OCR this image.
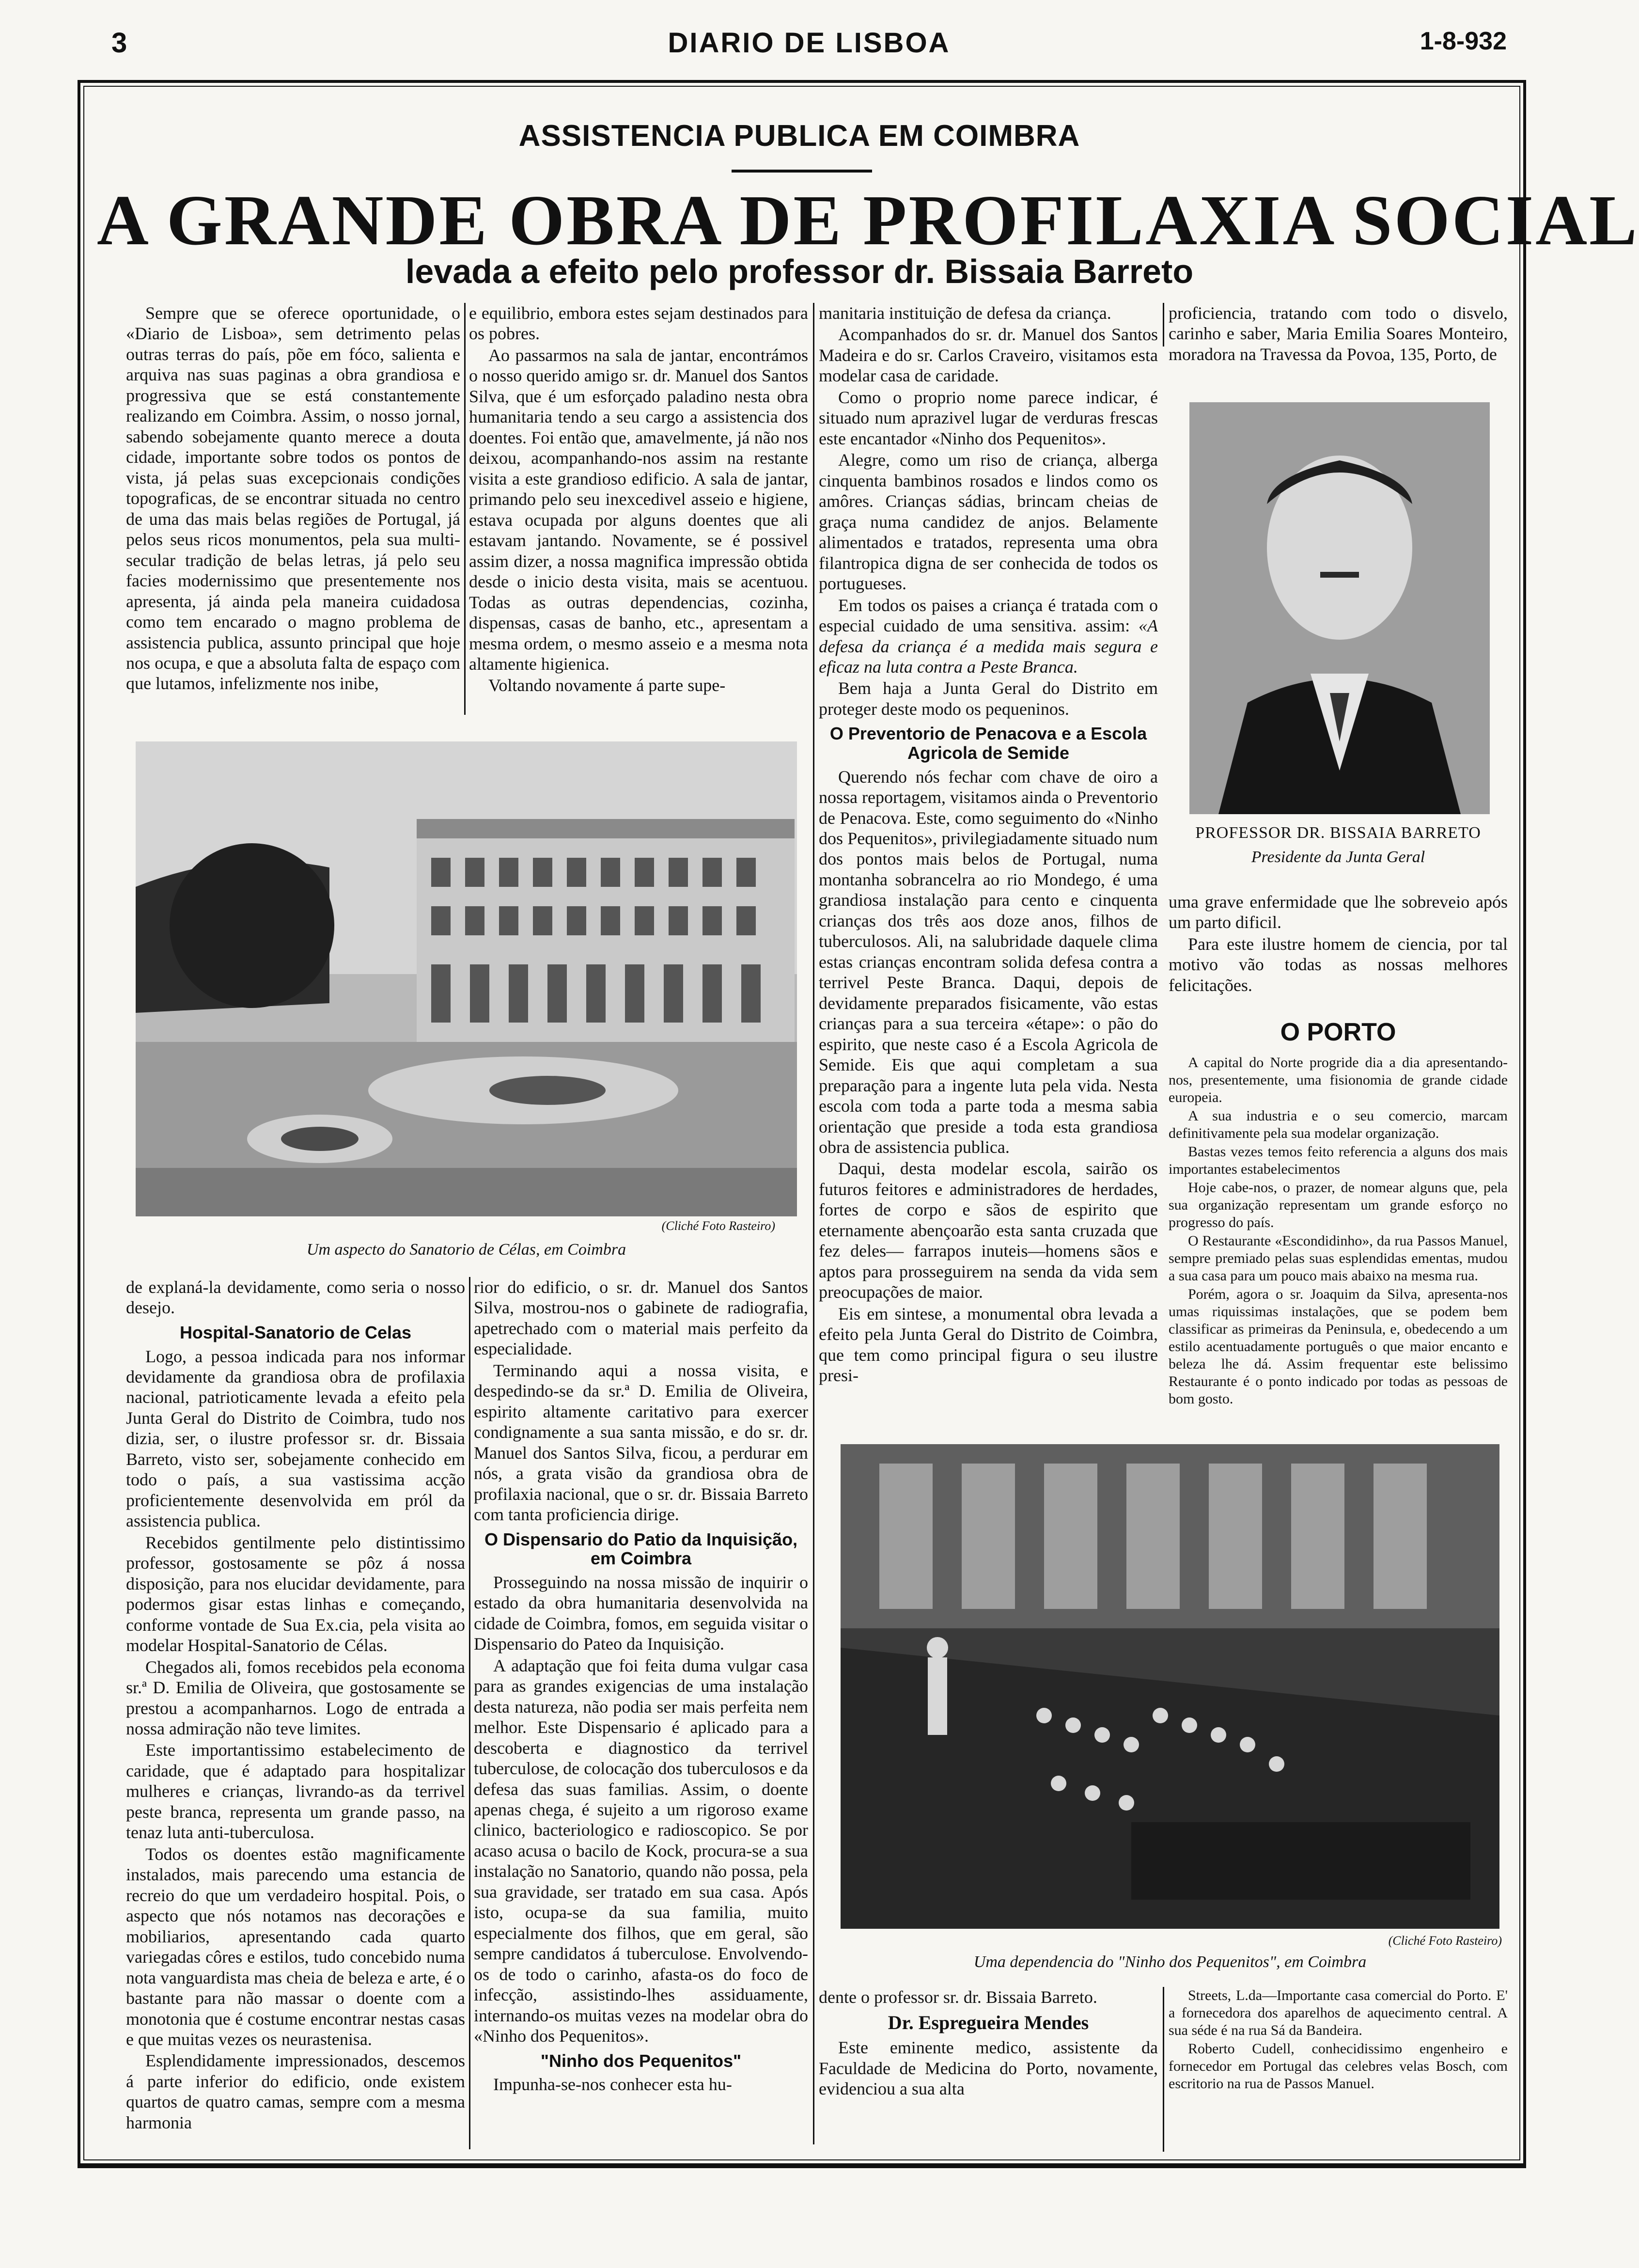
3	DIARIO DE LISBOA	1-8-932
ASSISTENCIA PUBLICA EM COIMBRA
A GRANDE OBRA DE PROFILAXIA SOCIAL
levada a efeito pelo professor dr. Bissaia Barreto

Sempre que se oferece oportunidade, o «Diario de Lisboa», sem detrimento pelas outras terras do país, põe em fóco, salienta e arquiva nas suas paginas a obra grandiosa e progressiva que se está constantemente realizando em Coimbra. Assim, o nosso jornal, sabendo sobejamente quanto merece a douta cidade, importante sobre todos os pontos de vista, já pelas suas excepcionais condições topograficas, de se encontrar situada no centro de uma das mais belas regiões de Portugal, já pelos seus ricos monumentos, pela sua multi-secular tradição de belas letras, já pelo seu facies modernissimo que presentemente nos apresenta, já ainda pela maneira cuidadosa como tem encarado o magno problema de assistencia publica, assunto principal que hoje nos ocupa, e que a absoluta falta de espaço com que lutamos, infelizmente nos inibe,

e equilibrio, embora estes sejam destinados para os pobres.

Ao passarmos na sala de jantar, encontrámos o nosso querido amigo sr. dr. Manuel dos Santos Silva, que é um esforçado paladino nesta obra humanitaria tendo a seu cargo a assistencia dos doentes. Foi então que, amavelmente, já não nos deixou, acompanhando-nos assim na restante visita a este grandioso edificio. A sala de jantar, primando pelo seu inexcedivel asseio e higiene, estava ocupada por alguns doentes que ali estavam jantando. Novamente, se é possivel assim dizer, a nossa magnifica impressão obtida desde o inicio desta visita, mais se acentuou. Todas as outras dependencias, cozinha, dispensas, casas de banho, etc., apresentam a mesma ordem, o mesmo asseio e a mesma nota altamente higienica.

Voltando novamente á parte supe-

manitaria instituição de defesa da criança.

Acompanhados do sr. dr. Manuel dos Santos Madeira e do sr. Carlos Craveiro, visitamos esta modelar casa de caridade.

Como o proprio nome parece indicar, é situado num aprazivel lugar de verduras frescas este encantador «Ninho dos Pequenitos».

Alegre, como um riso de criança, alberga cinquenta bambinos rosados e lindos como os amôres. Crianças sádias, brincam cheias de graça numa candidez de anjos. Belamente alimentados e tratados, representa uma obra filantropica digna de ser conhecida de todos os portugueses.

Em todos os paises a criança é tratada com o especial cuidado de uma sensitiva. assim: «A defesa da criança é a medida mais segura e eficaz na luta contra a Peste Branca.

Bem haja a Junta Geral do Distrito em proteger deste modo os pequeninos.

O Preventorio de Penacova e a Escola Agricola de Semide

Querendo nós fechar com chave de oiro a nossa reportagem, visitamos ainda o Preventorio de Penacova. Este, como seguimento do «Ninho dos Pequenitos», privilegiadamente situado num dos pontos mais belos de Portugal, numa montanha sobrancelra ao rio Mondego, é uma grandiosa instalação para cento e cinquenta crianças dos três aos doze anos, filhos de tuberculosos. Ali, na salubridade daquele clima estas crianças encontram solida defesa contra a terrivel Peste Branca. Daqui, depois de devidamente preparados fisicamente, vão estas crianças para a sua terceira «étape»: o pão do espirito, que neste caso é a Escola Agricola de Semide. Eis que aqui completam a sua preparação para a ingente luta pela vida. Nesta escola com toda a parte toda a mesma sabia orientação que preside a toda esta grandiosa obra de assistencia publica.

Daqui, desta modelar escola, sairão os futuros feitores e administradores de herdades, fortes de corpo e sãos de espirito que eternamente abençoarão esta santa cruzada que fez deles— farrapos inuteis—homens sãos e aptos para prosseguirem na senda da vida sem preocupações de maior.

Eis em sintese, a monumental obra levada a efeito pela Junta Geral do Distrito de Coimbra, que tem como principal figura o seu ilustre presi-

proficiencia, tratando com todo o disvelo, carinho e saber, Maria Emilia Soares Monteiro, moradora na Travessa da Povoa, 135, Porto, de

PROFESSOR DR. BISSAIA BARRETO
Presidente da Junta Geral

uma grave enfermidade que lhe sobreveio após um parto dificil.

Para este ilustre homem de ciencia, por tal motivo vão todas as nossas melhores felicitações.

O PORTO

A capital do Norte progride dia a dia apresentando-nos, presentemente, uma fisionomia de grande cidade europeia.

A sua industria e o seu comercio, marcam definitivamente pela sua modelar organização.

Bastas vezes temos feito referencia a alguns dos mais importantes estabelecimentos

Hoje cabe-nos, o prazer, de nomear alguns que, pela sua organização representam um grande esforço no progresso do país.

O Restaurante «Escondidinho», da rua Passos Manuel, sempre premiado pelas suas esplendidas ementas, mudou a sua casa para um pouco mais abaixo na mesma rua.

Porém, agora o sr. Joaquim da Silva, apresenta-nos umas riquissimas instalações, que se podem bem classificar as primeiras da Peninsula, e, obedecendo a um estilo acentuadamente português o que maior encanto e beleza lhe dá. Assim frequentar este belissimo Restaurante é o ponto indicado por todas as pessoas de bom gosto.

(Cliché Foto Rasteiro)
Um aspecto do Sanatorio de Célas, em Coimbra

de explaná-la devidamente, como seria o nosso desejo.

Hospital-Sanatorio de Celas

Logo, a pessoa indicada para nos informar devidamente da grandiosa obra de profilaxia nacional, patrioticamente levada a efeito pela Junta Geral do Distrito de Coimbra, tudo nos dizia, ser, o ilustre professor sr. dr. Bissaia Barreto, visto ser, sobejamente conhecido em todo o país, a sua vastissima acção proficientemente desenvolvida em pról da assistencia publica.

Recebidos gentilmente pelo distintissimo professor, gostosamente se pôz á nossa disposição, para nos elucidar devidamente, para podermos gisar estas linhas e começando, conforme vontade de Sua Ex.cia, pela visita ao modelar Hospital-Sanatorio de Célas.

Chegados ali, fomos recebidos pela economa sr.ª D. Emilia de Oliveira, que gostosamente se prestou a acompanharnos. Logo de entrada a nossa admiração não teve limites.

Este importantissimo estabelecimento de caridade, que é adaptado para hospitalizar mulheres e crianças, livrando-as da terrivel peste branca, representa um grande passo, na tenaz luta anti-tuberculosa.

Todos os doentes estão magnificamente instalados, mais parecendo uma estancia de recreio do que um verdadeiro hospital. Pois, o aspecto que nós notamos nas decorações e mobiliarios, apresentando cada quarto variegadas côres e estilos, tudo concebido numa nota vanguardista mas cheia de beleza e arte, é o bastante para não massar o doente com a monotonia que é costume encontrar nestas casas e que muitas vezes os neurastenisa.

Esplendidamente impressionados, descemos á parte inferior do edificio, onde existem quartos de quatro camas, sempre com a mesma harmonia

rior do edificio, o sr. dr. Manuel dos Santos Silva, mostrou-nos o gabinete de radiografia, apetrechado com o material mais perfeito da especialidade.

Terminando aqui a nossa visita, e despedindo-se da sr.ª D. Emilia de Oliveira, espirito altamente caritativo para exercer condignamente a sua santa missão, e do sr. dr. Manuel dos Santos Silva, ficou, a perdurar em nós, a grata visão da grandiosa obra de profilaxia nacional, que o sr. dr. Bissaia Barreto com tanta proficiencia dirige.

O Dispensario do Patio da Inquisição, em Coimbra

Prosseguindo na nossa missão de inquirir o estado da obra humanitaria desenvolvida na cidade de Coimbra, fomos, em seguida visitar o Dispensario do Pateo da Inquisição.

A adaptação que foi feita duma vulgar casa para as grandes exigencias de uma instalação desta natureza, não podia ser mais perfeita nem melhor. Este Dispensario é aplicado para a descoberta e diagnostico da terrivel tuberculose, de colocação dos tuberculosos e da defesa das suas familias. Assim, o doente apenas chega, é sujeito a um rigoroso exame clinico, bacteriologico e radioscopico. Se por acaso acusa o bacilo de Kock, procura-se a sua instalação no Sanatorio, quando não possa, pela sua gravidade, ser tratado em sua casa. Após isto, ocupa-se da sua familia, muito especialmente dos filhos, que em geral, são sempre candidatos á tuberculose. Envolvendo-os de todo o carinho, afasta-os do foco de infecção, assistindo-lhes assiduamente, internando-os muitas vezes na modelar obra do «Ninho dos Pequenitos».

"Ninho dos Pequenitos"

Impunha-se-nos conhecer esta hu-

(Cliché Foto Rasteiro)
Uma dependencia do "Ninho dos Pequenitos", em Coimbra

dente o professor sr. dr. Bissaia Barreto.

Dr. Espregueira Mendes

Este eminente medico, assistente da Faculdade de Medicina do Porto, novamente, evidenciou a sua alta

Streets, L.da—Importante casa comercial do Porto. E' a fornecedora dos aparelhos de aquecimento central. A sua séde é na rua Sá da Bandeira.

Roberto Cudell, conhecidissimo engenheiro e fornecedor em Portugal das celebres velas Bosch, com escritorio na rua de Passos Manuel.
